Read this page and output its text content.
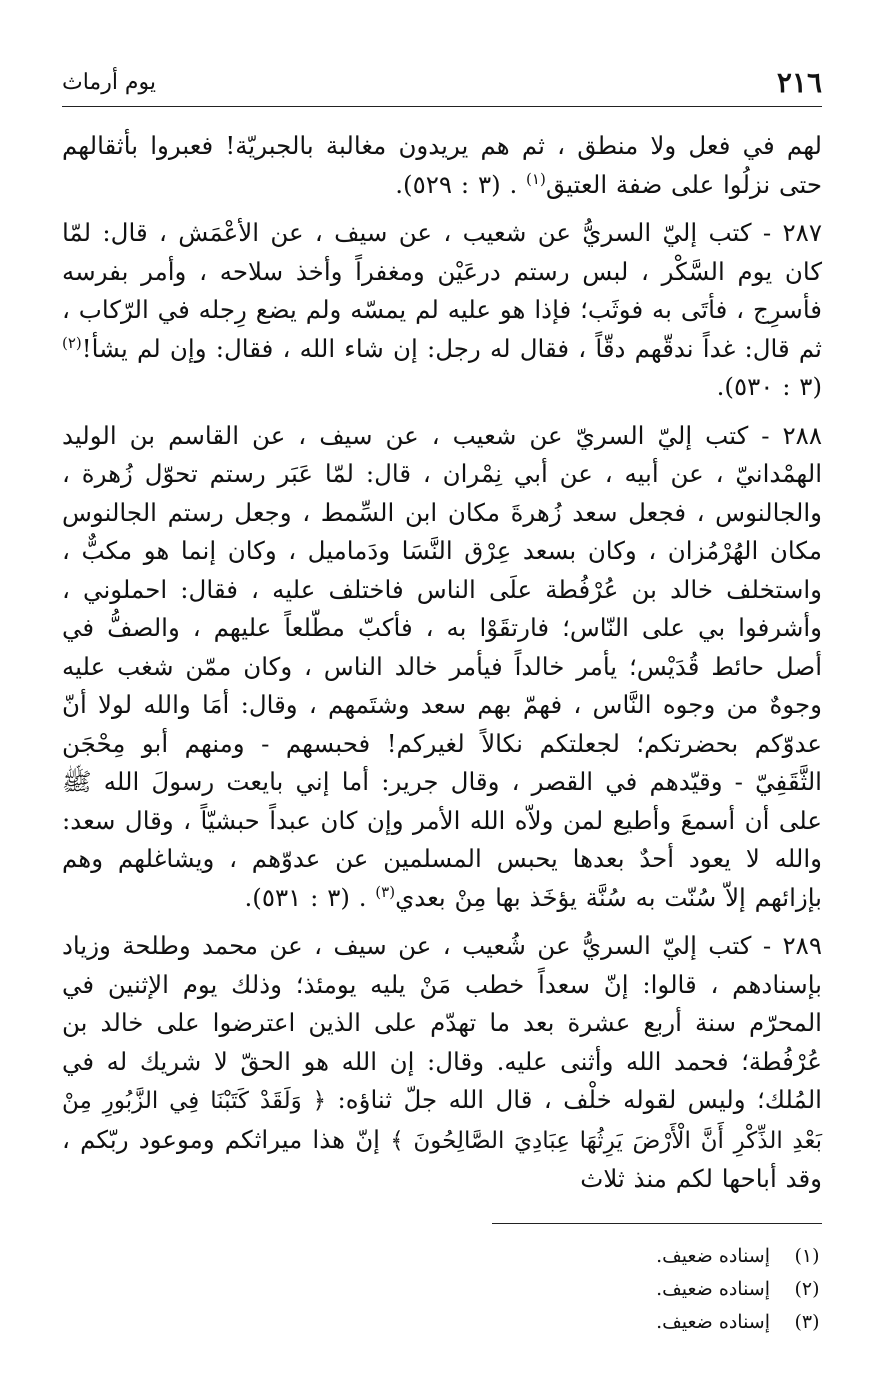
٢١٦
يوم أرماث

لهم في فعل ولا منطق ، ثم هم يريدون مغالبة بالجبريّة! فعبروا بأثقالهم حتى نزلُوا على ضفة العتيق$^{(١)}$ . (٣ : ٥٢٩).

٢٨٧ - كتب إليّ السريُّ عن شعيب ، عن سيف ، عن الأعْمَش ، قال: لمّا كان يوم السَّكْر ، لبس رستم درعَيْن ومغفراً وأخذ سلاحه ، وأمر بفرسه فأسرِج ، فأتَى به فوثَب؛ فإذا هو عليه لم يمسّه ولم يضع رِجله في الرّكاب ، ثم قال: غداً ندقّهم دقّاً ، فقال له رجل: إن شاء الله ، فقال: وإن لم يشأ!$^{(٢)}$ (٣ : ٥٣٠).

٢٨٨ - كتب إليّ السريّ عن شعيب ، عن سيف ، عن القاسم بن الوليد الهمْدانيّ ، عن أبيه ، عن أبي نِمْران ، قال: لمّا عَبَر رستم تحوّل زُهرة ، والجالنوس ، فجعل سعد زُهرةَ مكان ابن السِّمط ، وجعل رستم الجالنوس مكان الهُرْمُزان ، وكان بسعد عِرْق النَّسَا ودَماميل ، وكان إنما هو مكبٌّ ، واستخلف خالد بن عُرْفُطة علَى الناس فاختلف عليه ، فقال: احملوني ، وأشرفوا بي على النّاس؛ فارتقَوْا به ، فأكبّ مطّلعاً عليهم ، والصفُّ في أصل حائط قُدَيْس؛ يأمر خالداً فيأمر خالد الناس ، وكان ممّن شغب عليه وجوهٌ من وجوه النَّاس ، فهمّ بهم سعد وشتَمهم ، وقال: أمَا والله لولا أنّ عدوّكم بحضرتكم؛ لجعلتكم نكالاً لغيركم! فحبسهم - ومنهم أبو مِحْجَن الثَّقَفِيّ - وقيّدهم في القصر ، وقال جرير: أما إني بايعت رسولَ الله ﷺ على أن أسمعَ وأطيع لمن ولاّه الله الأمر وإن كان عبداً حبشيّاً ، وقال سعد: والله لا يعود أحدٌ بعدها يحبس المسلمين عن عدوّهم ، ويشاغلهم وهم بإزائهم إلاّ سُنّت به سُنَّة يؤخَذ بها مِنْ بعدي$^{(٣)}$ . (٣ : ٥٣١).

٢٨٩ - كتب إليّ السريُّ عن شُعيب ، عن سيف ، عن محمد وطلحة وزياد بإسنادهم ، قالوا: إنّ سعداً خطب مَنْ يليه يومئذ؛ وذلك يوم الإثنين في المحرّم سنة أربع عشرة بعد ما تهدّم على الذين اعترضوا على خالد بن عُرْفُطة؛ فحمد الله وأثنى عليه. وقال: إن الله هو الحقّ لا شريك له في المُلك؛ وليس لقوله خلْف ، قال الله جلّ ثناؤه: ﴿ وَلَقَدْ كَتَبْنَا فِي الزَّبُورِ مِنْ بَعْدِ الذِّكْرِ أَنَّ الْأَرْضَ يَرِثُهَا عِبَادِيَ الصَّالِحُونَ ﴾ إنّ هذا ميراثكم وموعود ربّكم ، وقد أباحها لكم منذ ثلاث

(١)
إسناده ضعيف.
(٢)
إسناده ضعيف.
(٣)
إسناده ضعيف.
